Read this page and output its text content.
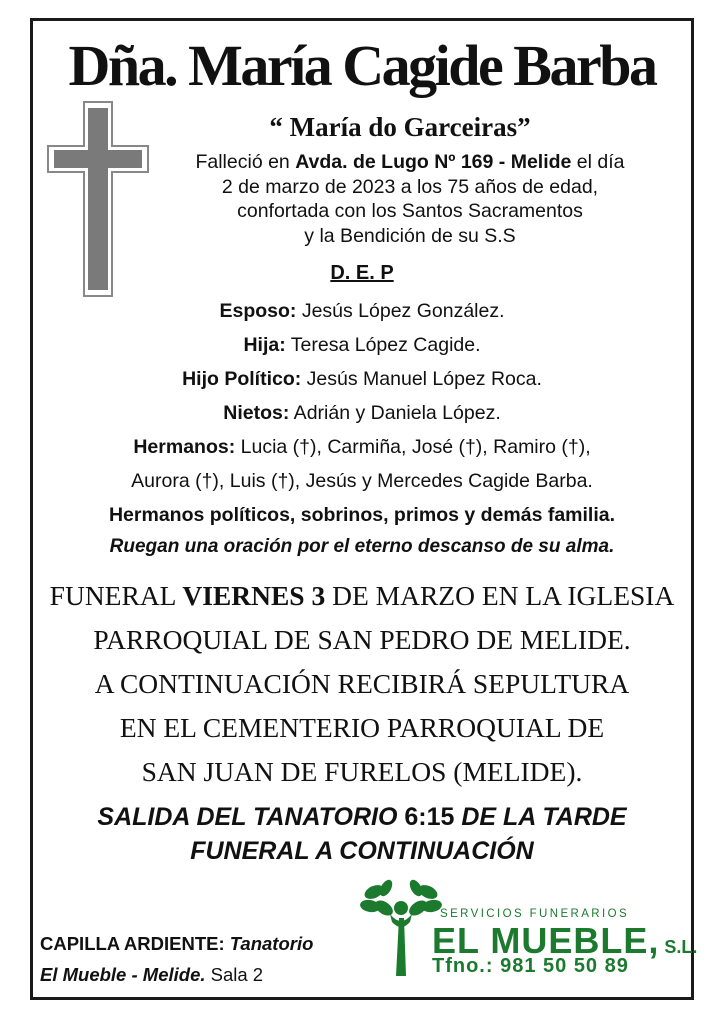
Dña. María Cagide Barba
“ María do Garceiras”
Falleció en Avda. de Lugo Nº 169 - Melide el día
2 de marzo de 2023 a los 75 años de edad,
confortada con los Santos Sacramentos
y la Bendición de su S.S
D. E. P
Esposo: Jesús López González.
Hija: Teresa López Cagide.
Hijo Político: Jesús Manuel López Roca.
Nietos: Adrián y Daniela López.
Hermanos: Lucia (†), Carmiña, José (†), Ramiro (†),
Aurora (†), Luis (†), Jesús y Mercedes Cagide Barba.
Hermanos políticos, sobrinos, primos y demás familia.
Ruegan una oración por el eterno descanso de su alma.
FUNERAL VIERNES 3 DE MARZO EN LA IGLESIA
PARROQUIAL DE SAN PEDRO DE MELIDE.
A CONTINUACIÓN RECIBIRÁ SEPULTURA
EN EL CEMENTERIO PARROQUIAL DE
SAN JUAN DE FURELOS (MELIDE).
SALIDA DEL TANATORIO 6:15 DE LA TARDE
FUNERAL A CONTINUACIÓN
CAPILLA ARDIENTE: Tanatorio
El Mueble - Melide. Sala 2
SERVICIOS FUNERARIOS
EL MUEBLE, S.L.
Tfno.: 981 50 50 89
